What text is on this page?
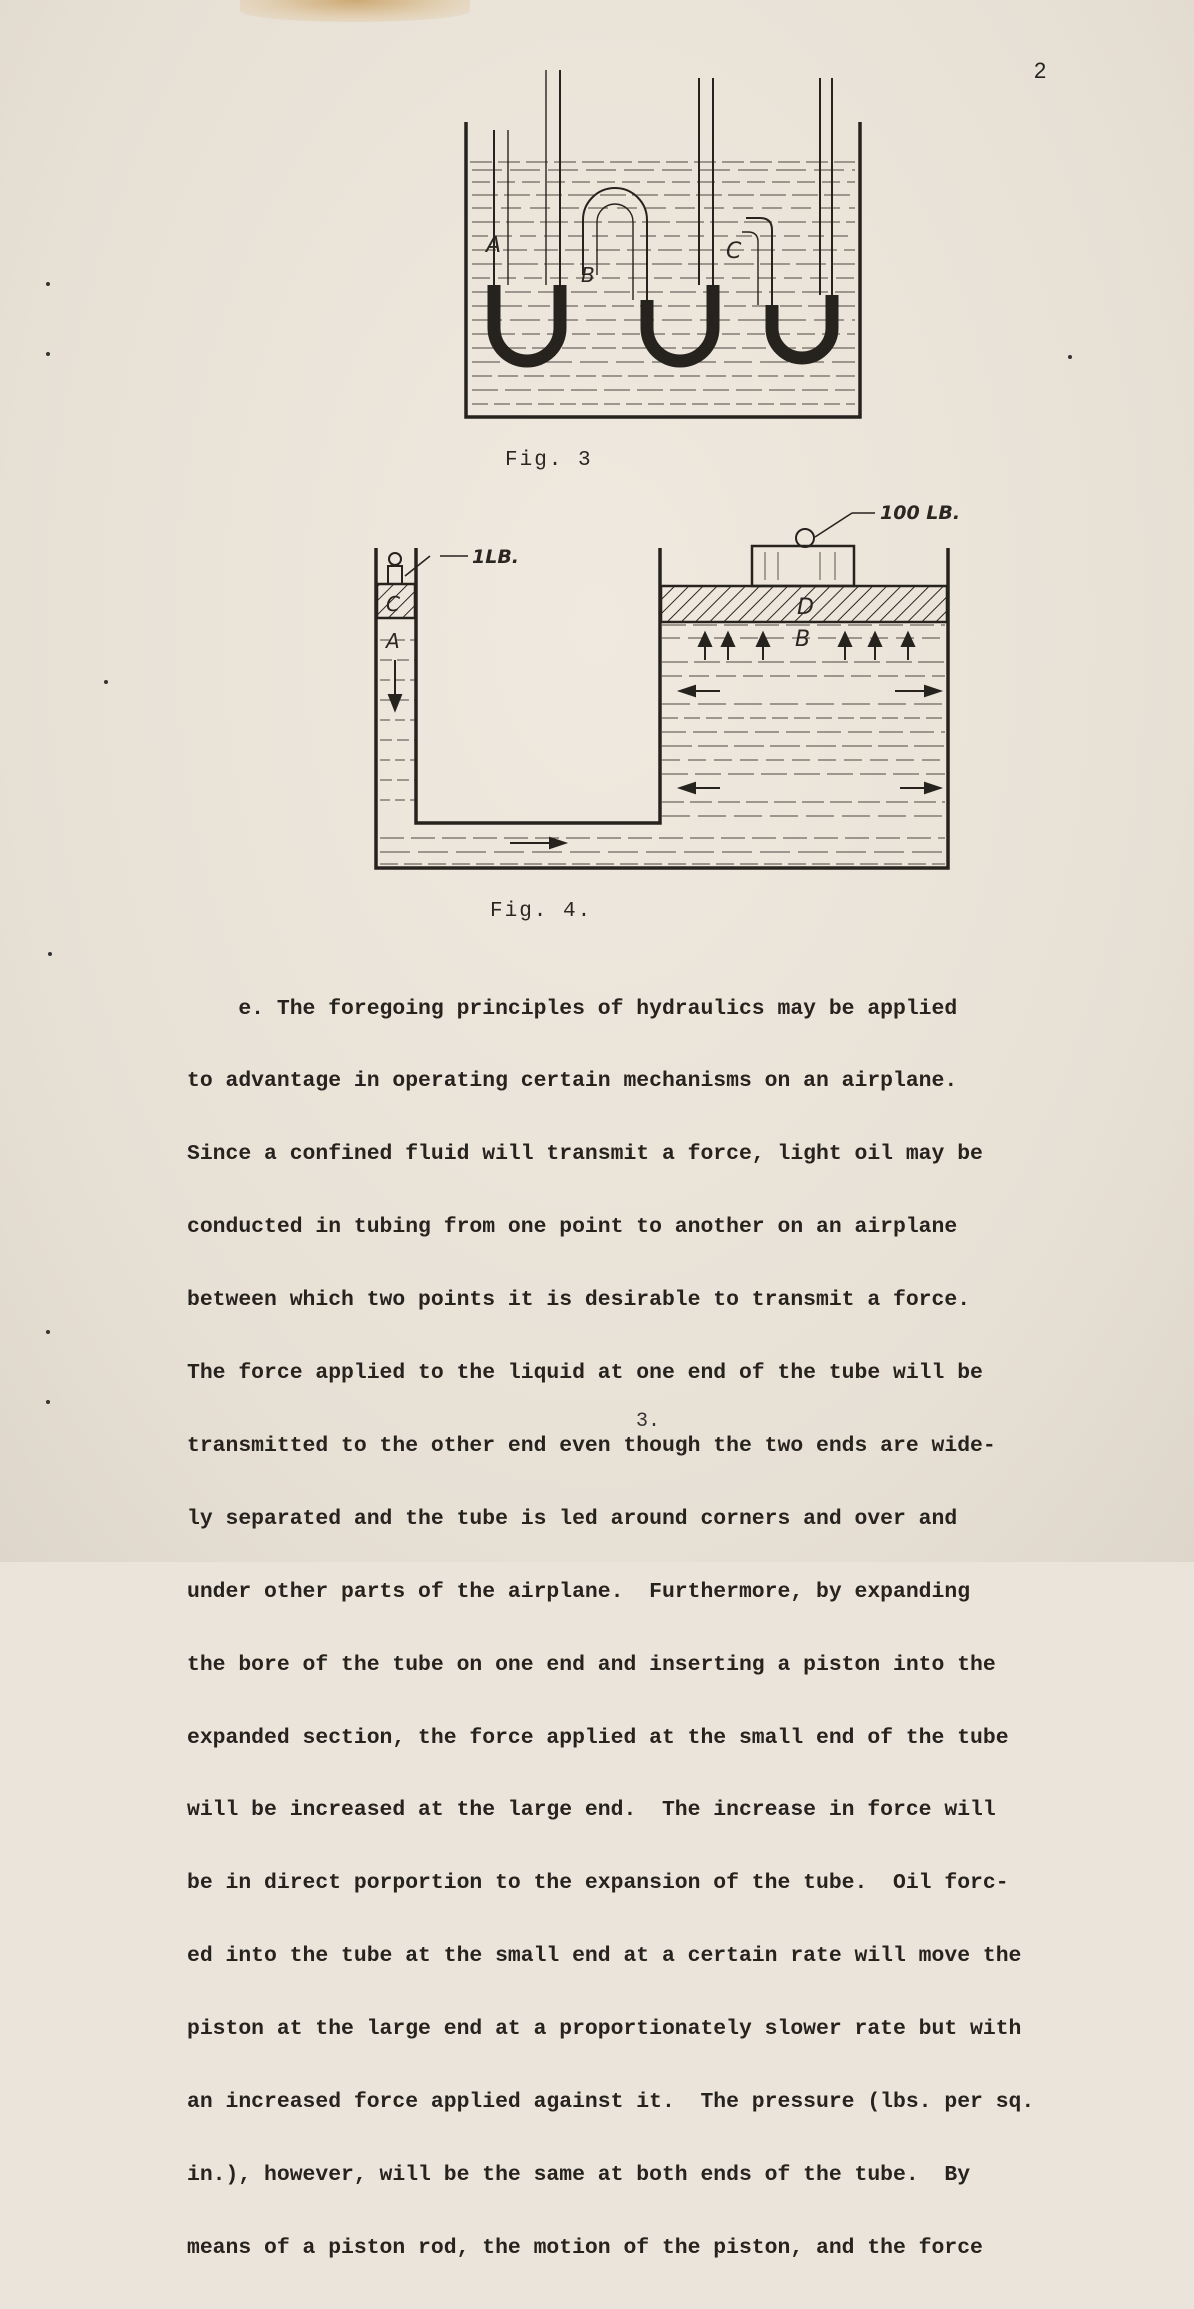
2
A
B
C
Fig. 3
C
A	B
D
1LB.
100 LB.
Fig. 4.

e. The foregoing principles of hydraulics may be applied

to advantage in operating certain mechanisms on an airplane.

Since a confined fluid will transmit a force, light oil may be

conducted in tubing from one point to another on an airplane

between which two points it is desirable to transmit a force.

The force applied to the liquid at one end of the tube will be

transmitted to the other end even though the two ends are wide-

ly separated and the tube is led around corners and over and

under other parts of the airplane.  Furthermore, by expanding

the bore of the tube on one end and inserting a piston into the

expanded section, the force applied at the small end of the tube

will be increased at the large end.  The increase in force will

be in direct porportion to the expansion of the tube.  Oil forc-

ed into the tube at the small end at a certain rate will move the

piston at the large end at a proportionately slower rate but with

an increased force applied against it.  The pressure (lbs. per sq.

in.), however, will be the same at both ends of the tube.  By

means of a piston rod, the motion of the piston, and the force

3.
